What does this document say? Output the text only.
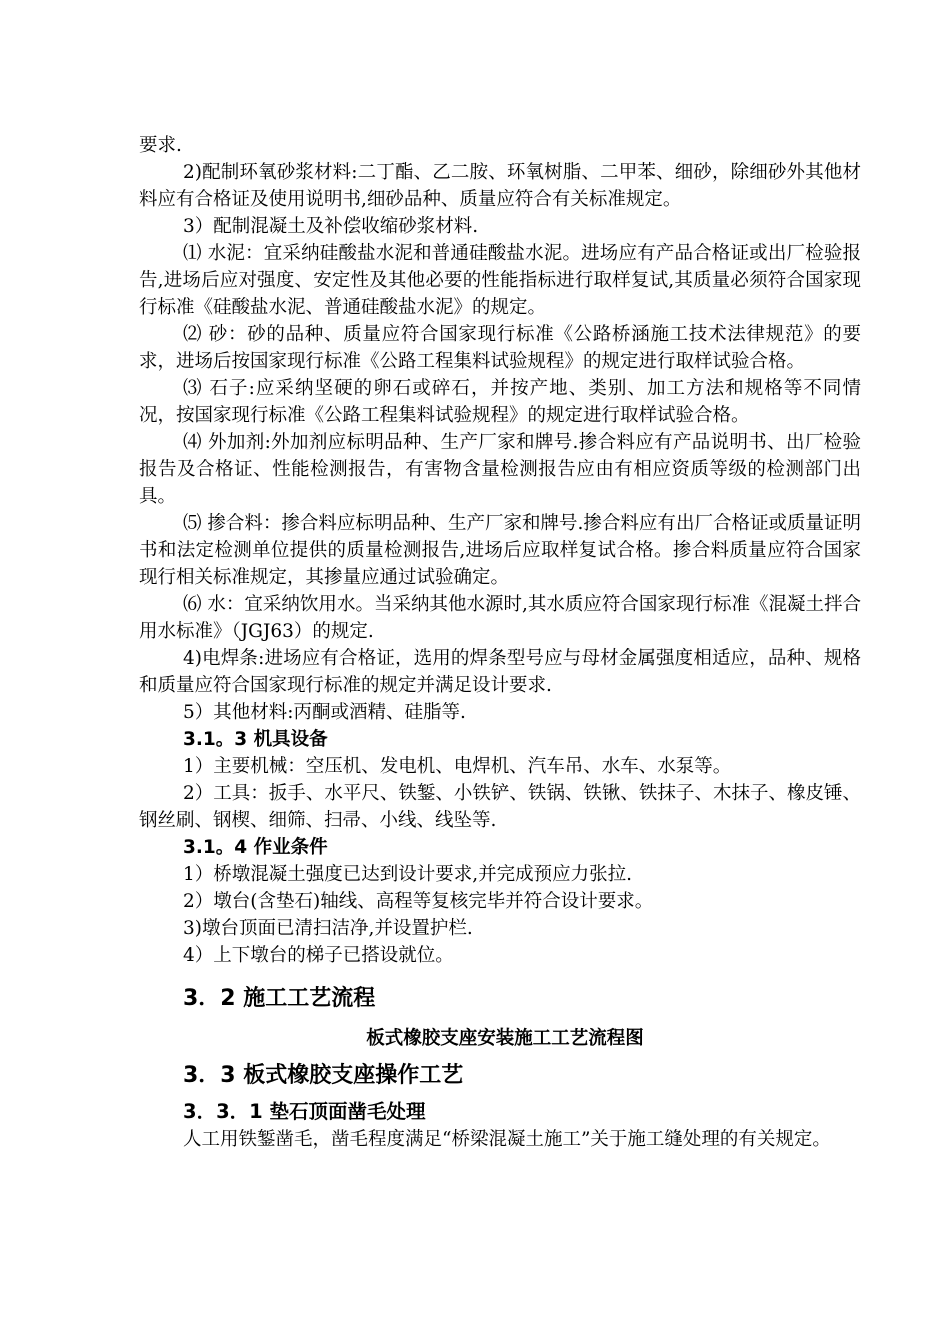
要求.

2)配制环氧砂浆材料:二丁酯、乙二胺、环氧树脂、二甲苯、细砂，除细砂外其他材料应有合格证及使用说明书,细砂品种、质量应符合有关标准规定。

3）配制混凝土及补偿收缩砂浆材料.

⑴ 水泥：宜采纳硅酸盐水泥和普通硅酸盐水泥。进场应有产品合格证或出厂检验报告,进场后应对强度、安定性及其他必要的性能指标进行取样复试,其质量必须符合国家现行标准《硅酸盐水泥、普通硅酸盐水泥》的规定。

⑵ 砂：砂的品种、质量应符合国家现行标准《公路桥涵施工技术法律规范》的要求，进场后按国家现行标准《公路工程集料试验规程》的规定进行取样试验合格。

⑶ 石子:应采纳坚硬的卵石或碎石，并按产地、类别、加工方法和规格等不同情况，按国家现行标准《公路工程集料试验规程》的规定进行取样试验合格。

⑷ 外加剂:外加剂应标明品种、生产厂家和牌号.掺合料应有产品说明书、出厂检验报告及合格证、性能检测报告，有害物含量检测报告应由有相应资质等级的检测部门出具。

⑸ 掺合料：掺合料应标明品种、生产厂家和牌号.掺合料应有出厂合格证或质量证明书和法定检测单位提供的质量检测报告,进场后应取样复试合格。掺合料质量应符合国家现行相关标准规定，其掺量应通过试验确定。

⑹ 水：宜采纳饮用水。当采纳其他水源时,其水质应符合国家现行标准《混凝土拌合用水标准》（JGJ63）的规定.

4)电焊条:进场应有合格证，选用的焊条型号应与母材金属强度相适应，品种、规格和质量应符合国家现行标准的规定并满足设计要求.

5）其他材料:丙酮或酒精、硅脂等.

3.1。3 机具设备

1）主要机械：空压机、发电机、电焊机、汽车吊、水车、水泵等。

2）工具：扳手、水平尺、铁錾、小铁铲、铁锅、铁锹、铁抹子、木抹子、橡皮锤、钢丝刷、钢楔、细筛、扫帚、小线、线坠等.

3.1。4 作业条件

1）桥墩混凝土强度已达到设计要求,并完成预应力张拉.

2）墩台(含垫石)轴线、高程等复核完毕并符合设计要求。

3)墩台顶面已清扫洁净,并设置护栏.

4）上下墩台的梯子已搭设就位。

3．2 施工工艺流程

板式橡胶支座安装施工工艺流程图

3．3 板式橡胶支座操作工艺

3．3．1 垫石顶面凿毛处理

人工用铁錾凿毛，凿毛程度满足“桥梁混凝土施工”关于施工缝处理的有关规定。
